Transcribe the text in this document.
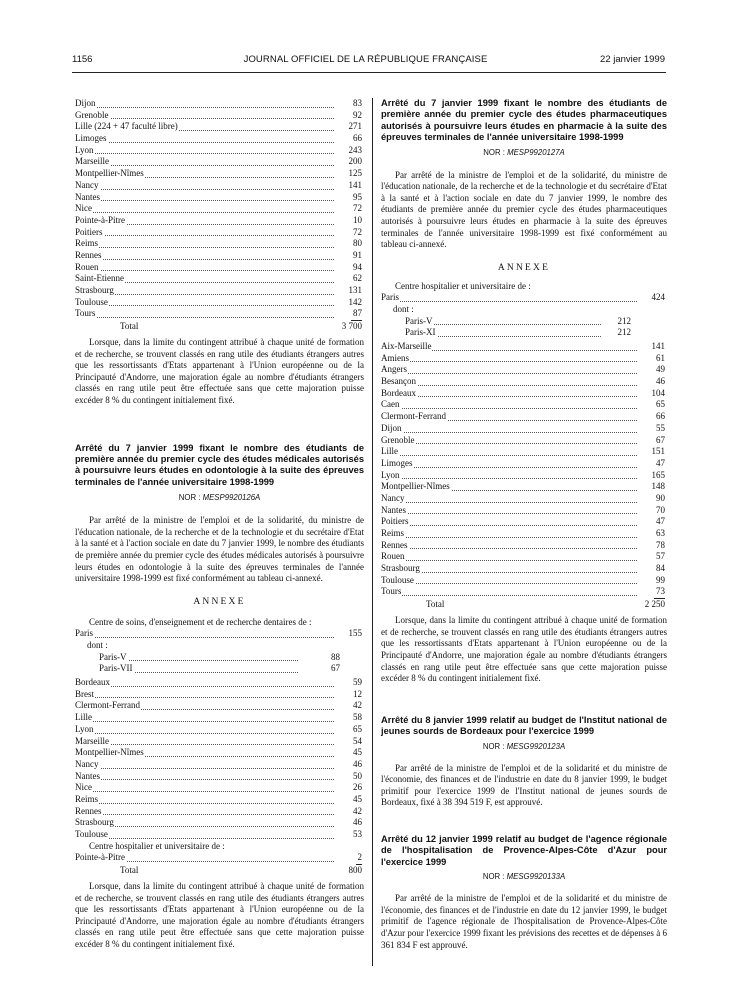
1156	JOURNAL OFFICIEL DE LA RÉPUBLIQUE FRANÇAISE	22 janvier 1999
Dijon	83
Grenoble	92
Lille (224 + 47 faculté libre)	271
Limoges	66
Lyon	243
Marseille	200
Montpellier-Nîmes	125
Nancy	141
Nantes	95
Nice	72
Pointe-à-Pitre	10
Poitiers	72
Reims	80
Rennes	91
Rouen	94
Saint-Etienne	62
Strasbourg	131
Toulouse	142
Tours	87
Total	3 700

Lorsque, dans la limite du contingent attribué à chaque unité de formation et de recherche, se trouvent classés en rang utile des étudiants étrangers autres que les ressortissants d'Etats appartenant à l'Union européenne ou de la Principauté d'Andorre, une majoration égale au nombre d'étudiants étrangers classés en rang utile peut être effectuée sans que cette majoration puisse excéder 8 % du contingent initialement fixé.

Arrêté du 7 janvier 1999 fixant le nombre des étudiants de première année du premier cycle des études médicales autorisés à poursuivre leurs études en odontologie à la suite des épreuves terminales de l'année universitaire 1998-1999

NOR : MESP9920126A

Par arrêté de la ministre de l'emploi et de la solidarité, du ministre de l'éducation nationale, de la recherche et de la technologie et du secrétaire d'Etat à la santé et à l'action sociale en date du 7 janvier 1999, le nombre des étudiants de première année du premier cycle des études médicales autorisés à poursuivre leurs études en odontologie à la suite des épreuves terminales de l'année universitaire 1998-1999 est fixé conformément au tableau ci-annexé.

ANNEXE

Centre de soins, d'enseignement et de recherche dentaires de :

Paris	155

dont :

Paris-V	88
Paris-VII	67
Bordeaux	59
Brest	12
Clermont-Ferrand	42
Lille	58
Lyon	65
Marseille	54
Montpellier-Nîmes	45
Nancy	46
Nantes	50
Nice	26
Reims	45
Rennes	42
Strasbourg	46
Toulouse	53

Centre hospitalier et universitaire de :

Pointe-à-Pitre	2
Total	800

Lorsque, dans la limite du contingent attribué à chaque unité de formation et de recherche, se trouvent classés en rang utile des étudiants étrangers autres que les ressortissants d'Etats appartenant à l'Union européenne ou de la Principauté d'Andorre, une majoration égale au nombre d'étudiants étrangers classés en rang utile peut être effectuée sans que cette majoration puisse excéder 8 % du contingent initialement fixé.

Arrêté du 7 janvier 1999 fixant le nombre des étudiants de première année du premier cycle des études pharmaceutiques autorisés à poursuivre leurs études en pharmacie à la suite des épreuves terminales de l'année universitaire 1998-1999

NOR : MESP9920127A

Par arrêté de la ministre de l'emploi et de la solidarité, du ministre de l'éducation nationale, de la recherche et de la technologie et du secrétaire d'Etat à la santé et à l'action sociale en date du 7 janvier 1999, le nombre des étudiants de première année du premier cycle des études pharmaceutiques autorisés à poursuivre leurs études en pharmacie à la suite des épreuves terminales de l'année universitaire 1998-1999 est fixé conformément au tableau ci-annexé.

ANNEXE

Centre hospitalier et universitaire de :

Paris	424

dont :

Paris-V	212
Paris-XI	212
Aix-Marseille	141
Amiens	61
Angers	49
Besançon	46
Bordeaux	104
Caen	65
Clermont-Ferrand	66
Dijon	55
Grenoble	67
Lille	151
Limoges	47
Lyon	165
Montpellier-Nîmes	148
Nancy	90
Nantes	70
Poitiers	47
Reims	63
Rennes	78
Rouen	57
Strasbourg	84
Toulouse	99
Tours	73
Total	2 250

Lorsque, dans la limite du contingent attribué à chaque unité de formation et de recherche, se trouvent classés en rang utile des étudiants étrangers autres que les ressortissants d'Etats appartenant à l'Union européenne ou de la Principauté d'Andorre, une majoration égale au nombre d'étudiants étrangers classés en rang utile peut être effectuée sans que cette majoration puisse excéder 8 % du contingent initialement fixé.

Arrêté du 8 janvier 1999 relatif au budget de l'Institut national de jeunes sourds de Bordeaux pour l'exercice 1999

NOR : MESG9920123A

Par arrêté de la ministre de l'emploi et de la solidarité et du ministre de l'économie, des finances et de l'industrie en date du 8 janvier 1999, le budget primitif pour l'exercice 1999 de l'Institut national de jeunes sourds de Bordeaux, fixé à 38 394 519 F, est approuvé.

Arrêté du 12 janvier 1999 relatif au budget de l'agence régionale de l'hospitalisation de Provence-Alpes-Côte d'Azur pour l'exercice 1999

NOR : MESG9920133A

Par arrêté de la ministre de l'emploi et de la solidarité et du ministre de l'économie, des finances et de l'industrie en date du 12 janvier 1999, le budget primitif de l'agence régionale de l'hospitalisation de Provence-Alpes-Côte d'Azur pour l'exercice 1999 fixant les prévisions des recettes et de dépenses à 6 361 834 F est approuvé.
